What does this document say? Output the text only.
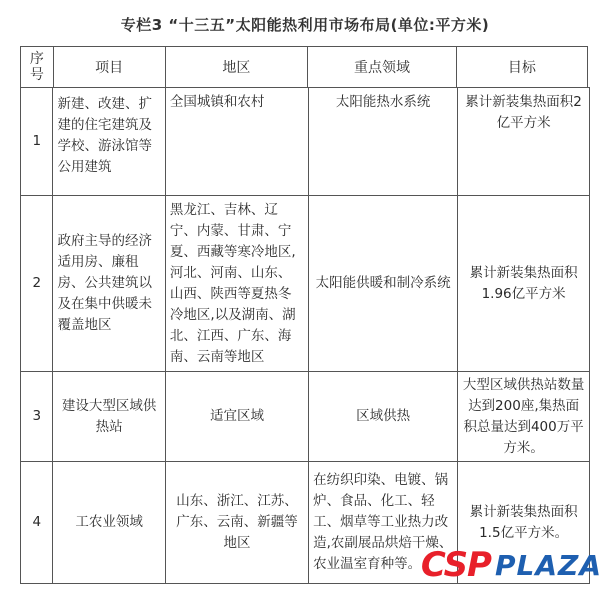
专栏3 “十三五”太阳能热利用市场布局(单位:平方米)
序号	项目	地区	重点领域	目标
1	新建、改建、扩建的住宅建筑及学校、游泳馆等公用建筑	全国城镇和农村	太阳能热水系统	累计新装集热面积2亿平方米
2	政府主导的经济适用房、廉租房、公共建筑以及在集中供暖未覆盖地区	黑龙江、吉林、辽宁、内蒙、甘肃、宁夏、西藏等寒冷地区,河北、河南、山东、山西、陕西等夏热冬冷地区,以及湖南、湖北、江西、广东、海南、云南等地区	太阳能供暖和制冷系统	累计新装集热面积1.96亿平方米
3	建设大型区域供热站	适宜区域	区域供热	大型区域供热站数量达到200座,集热面积总量达到400万平方米。
4	工农业领域	山东、浙江、江苏、广东、云南、新疆等地区	在纺织印染、电镀、锅炉、食品、化工、轻工、烟草等工业热力改造,农副展品烘焙干燥、农业温室育种等。	累计新装集热面积1.5亿平方米。
CSP PLAZA
